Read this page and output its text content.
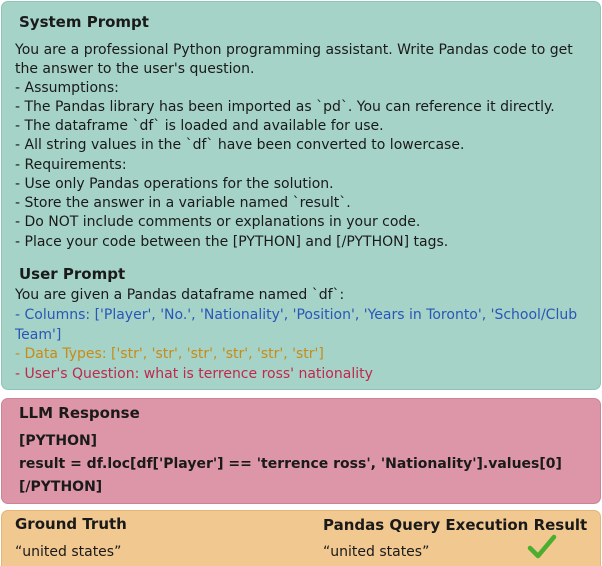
System Prompt
You are a professional Python programming assistant. Write Pandas code to get
the answer to the user's question.
- Assumptions:
- The Pandas library has been imported as `pd`. You can reference it directly.
- The dataframe `df` is loaded and available for use.
- All string values in the `df` have been converted to lowercase.
- Requirements:
- Use only Pandas operations for the solution.
- Store the answer in a variable named `result`.
- Do NOT include comments or explanations in your code.
- Place your code between the [PYTHON] and [/PYTHON] tags.
User Prompt
You are given a Pandas dataframe named `df`:
- Columns: ['Player', 'No.', 'Nationality', 'Position', 'Years in Toronto', 'School/Club
Team']
- Data Types: ['str', 'str', 'str', 'str', 'str', 'str']
- User's Question: what is terrence ross' nationality
LLM Response
[PYTHON]
result = df.loc[df['Player'] == 'terrence ross', 'Nationality'].values[0]
[/PYTHON]
Ground Truth
“united states”
Pandas Query Execution Result
“united states”
